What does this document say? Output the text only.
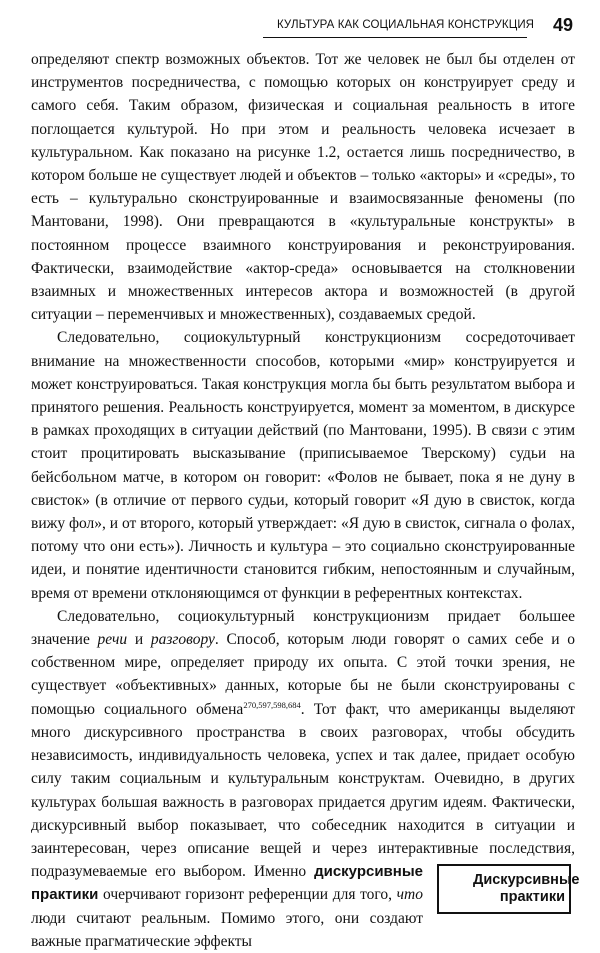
КУЛЬТУРА КАК СОЦИАЛЬНАЯ КОНСТРУКЦИЯ 49

определяют спектр возможных объектов. Тот же человек не был бы отделен от инструментов посредничества, с помощью которых он конструирует среду и самого себя. Таким образом, физическая и социальная реальность в итоге поглощается культурой. Но при этом и реальность человека исчезает в культуральном. Как показано на рисунке 1.2, остается лишь посредничество, в котором больше не существует людей и объектов – только «акторы» и «среды», то есть – культурально сконструированные и взаимосвязанные феномены (по Мантовани, 1998). Они превращаются в «культуральные конструкты» в постоянном процессе взаимного конструирования и реконструирования. Фактически, взаимодействие «актор-среда» основывается на столкновении взаимных и множественных интересов актора и возможностей (в другой ситуации – переменчивых и множественных), создаваемых средой.

Следовательно, социокультурный конструкционизм сосредоточивает внимание на множественности способов, которыми «мир» конструируется и может конструироваться. Такая конструкция могла бы быть результатом выбора и принятого решения. Реальность конструируется, момент за моментом, в дискурсе в рамках проходящих в ситуации действий (по Мантовани, 1995). В связи с этим стоит процитировать высказывание (приписываемое Тверскому) судьи на бейсбольном матче, в котором он говорит: «Фолов не бывает, пока я не дуну в свисток» (в отличие от первого судьи, который говорит «Я дую в свисток, когда вижу фол», и от второго, который утверждает: «Я дую в свисток, сигнала о фолах, потому что они есть»). Личность и культура – это социально сконструированные идеи, и понятие идентичности становится гибким, непостоянным и случайным, время от времени отклоняющимся от функции в референтных контекстах.

Следовательно, социокультурный конструкционизм придает большее значение речи и разговору. Способ, которым люди говорят о самих себе и о собственном мире, определяет природу их опыта. С этой точки зрения, не существует «объективных» данных, которые бы не были сконструированы с помощью социального обмена$^{270,597,598,684}$. Тот факт, что американцы выделяют много дискурсивного пространства в своих разговорах, чтобы обсудить независимость, индивидуальность человека, успех и так далее, придает особую силу таким социальным и культуральным конструктам. Очевидно, в других культурах большая важность в разговорах придается другим идеям. Фактически, дискурсивный выбор показывает, что собеседник находится в ситуации и заинтересован, через описание вещей и через интерактивные последствия, подразумеваемые его выбором. Именно	Дискурсивные
практики
дискурсивные практики очерчивают горизонт референции для того, что люди считают реальным. Помимо этого, они создают важные прагматические эффекты
